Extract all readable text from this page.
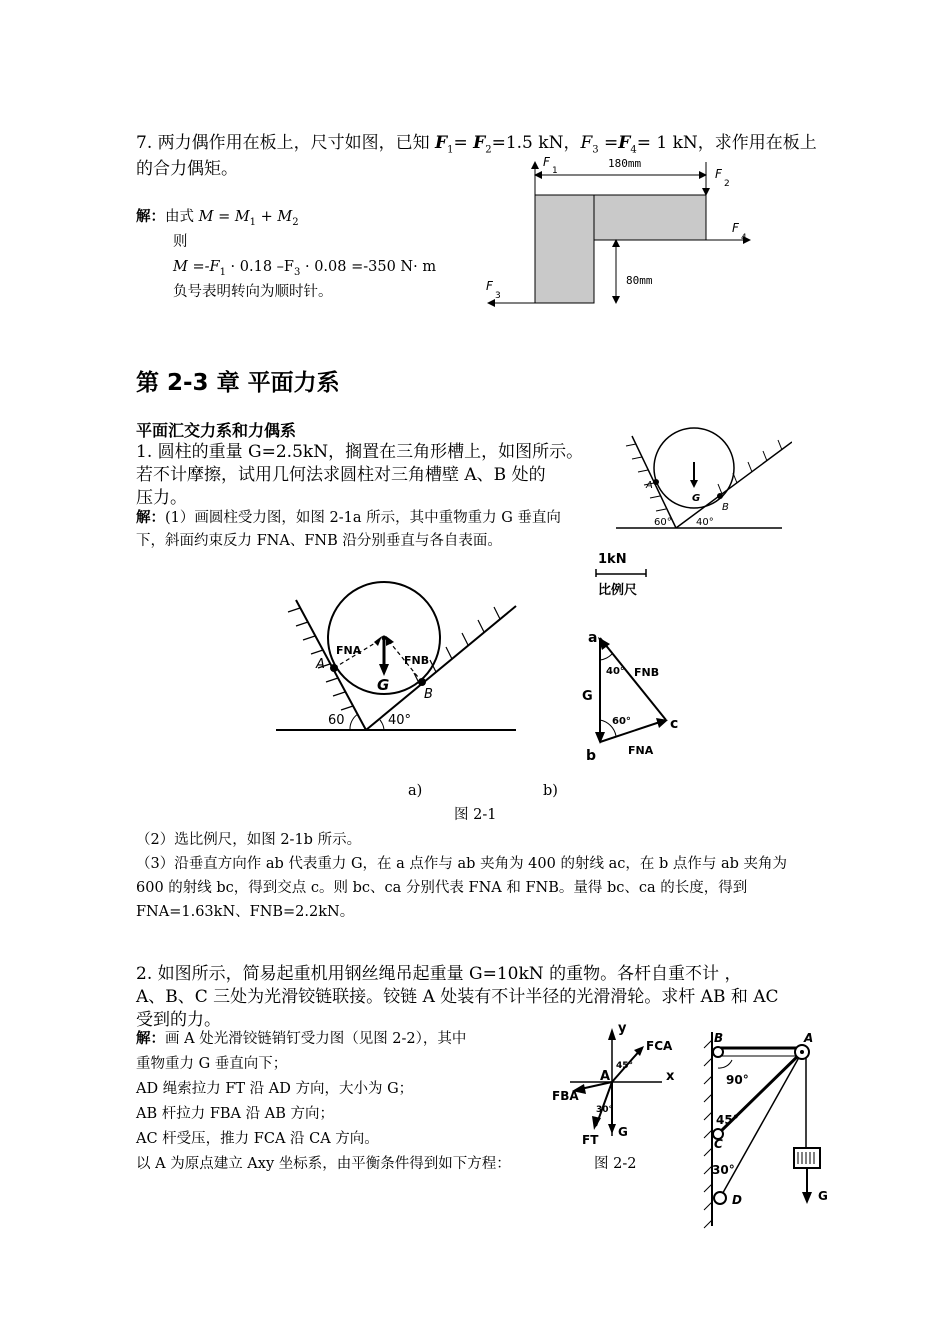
7. 两力偶作用在板上，尺寸如图，已知 $F_1= F_2=1.5$ kN，$F_3 =F_4= 1$ kN，求作用在板上
的合力偶矩。
解：由式 $M = M_1 + M_2$
则
$M =-F_1 \cdot 0.18$ $-F_3 \cdot 0.08 =-350$ N· m
负号表明转向为顺时针。
180mm
80mm
F
1	F
2
F
4
F
3
第 2-3 章 平面力系
平面汇交力系和力偶系
1. 圆柱的重量 G=2.5kN，搁置在三角形槽上，如图所示。
若不计摩擦，试用几何法求圆柱对三角槽壁 A、B 处的
压力。
解：(1）画圆柱受力图，如图 2-1a 所示，其中重物重力 G 垂直向
下，斜面约束反力 FNA、FNB 沿分别垂直与各自表面。
A
B
G
60° 40°
FNA
FNB
G
A
B
60	40°
1kN
比例尺
a
b
c
G
FNB
FNA
40°
60°
a)	b)
图 2-1
（2）选比例尺，如图 2-1b 所示。
（3）沿垂直方向作 ab 代表重力 G，在 a 点作与 ab 夹角为 400 的射线 ac，在 b 点作与 ab 夹角为
600 的射线 bc，得到交点 c。则 bc、ca 分别代表 FNA 和 FNB。量得 bc、ca 的长度，得到
FNA=1.63kN、FNB=2.2kN。
2. 如图所示，简易起重机用钢丝绳吊起重量 G=10kN 的重物。各杆自重不计 ，
A、B、C 三处为光滑铰链联接。铰链 A 处装有不计半径的光滑滑轮。求杆 AB 和 AC
受到的力。
解：画 A 处光滑铰链销钉受力图（见图 2-2），其中
重物重力 G 垂直向下；
AD 绳索拉力 FT 沿 AD 方向，大小为 G；
AB 杆拉力 FBA 沿 AB 方向；
AC 杆受压，推力 FCA 沿 CA 方向。
以 A 为原点建立 Axy 坐标系，由平衡条件得到如下方程：	图 2-2
y
x
A
FCA
FBA
FT
G
45°
30°
B	A
C
D	G
90°
45°
30°
